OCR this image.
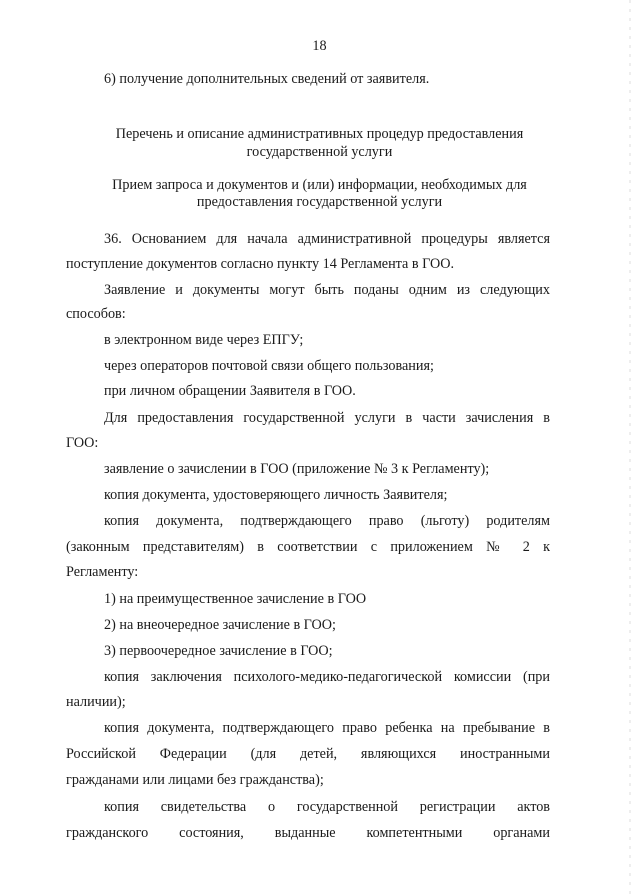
18
6) получение дополнительных сведений от заявителя.
Перечень и описание административных процедур предоставления
государственной услуги
Прием запроса и документов и (или) информации, необходимых для
предоставления государственной услуги
36. Основанием для начала административной процедуры является
поступление документов согласно пункту 14 Регламента в ГОО.
Заявление и документы могут быть поданы одним из следующих
способов:
в электронном виде через ЕПГУ;
через операторов почтовой связи общего пользования;
при личном обращении Заявителя в ГОО.
Для предоставления государственной услуги в части зачисления в
ГОО:
заявление о зачислении в ГОО (приложение № 3 к Регламенту);
копия документа, удостоверяющего личность Заявителя;
копия документа, подтверждающего право (льготу) родителям
(законным представителям) в соответствии с приложением № 2 к
Регламенту:
1) на преимущественное зачисление в ГОО
2) на внеочередное зачисление в ГОО;
3) первоочередное зачисление в ГОО;
копия заключения психолого-медико-педагогической комиссии (при
наличии);
копия документа, подтверждающего право ребенка на пребывание в
Российской Федерации (для детей, являющихся иностранными
гражданами или лицами без гражданства);
копия свидетельства о государственной регистрации актов
гражданского состояния, выданные компетентными органами
